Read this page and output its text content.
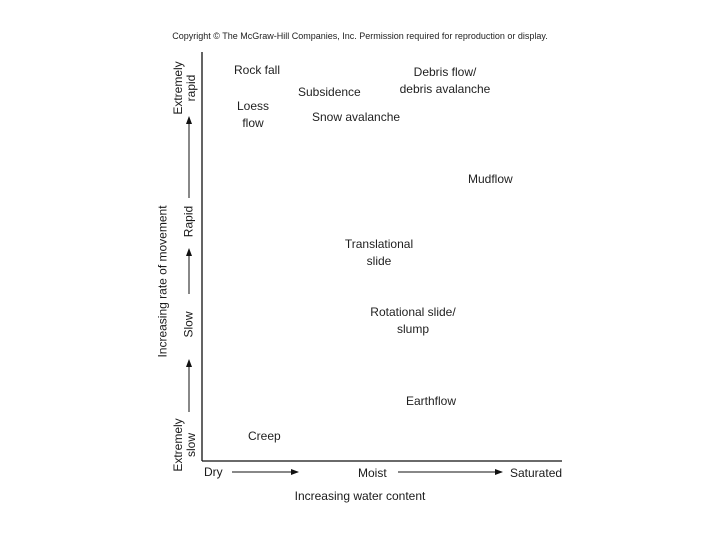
Copyright © The McGraw-Hill Companies, Inc. Permission required for reproduction or display.
Extremely rapid
Rapid
Slow
Extremely slow
Increasing rate of movement
Dry	Moist	Saturated
Increasing water content
Rock fall
Loess
flow
Subsidence
Snow avalanche
Debris flow/
debris avalanche
Mudflow
Translational
slide
Rotational slide/
slump
Earthflow
Creep
